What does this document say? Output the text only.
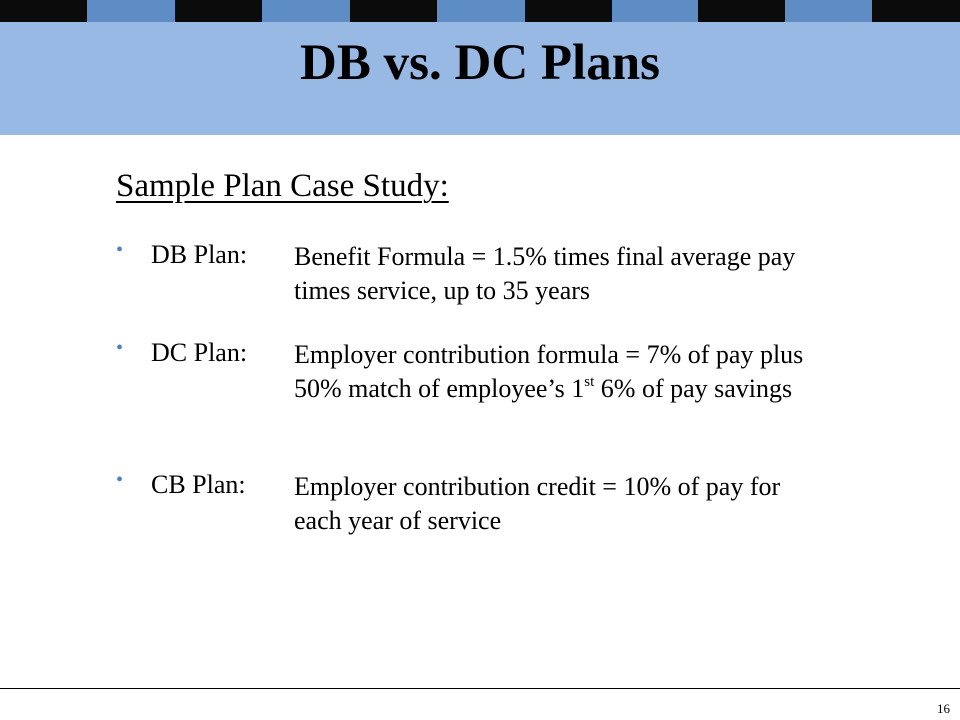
DB vs. DC Plans
Sample Plan Case Study:
• DB Plan: Benefit Formula = 1.5% times final average pay times service, up to 35 years
• DC Plan: Employer contribution formula = 7% of pay plus 50% match of employee’s 1st 6% of pay savings
• CB Plan: Employer contribution credit = 10% of pay for each year of service
16
